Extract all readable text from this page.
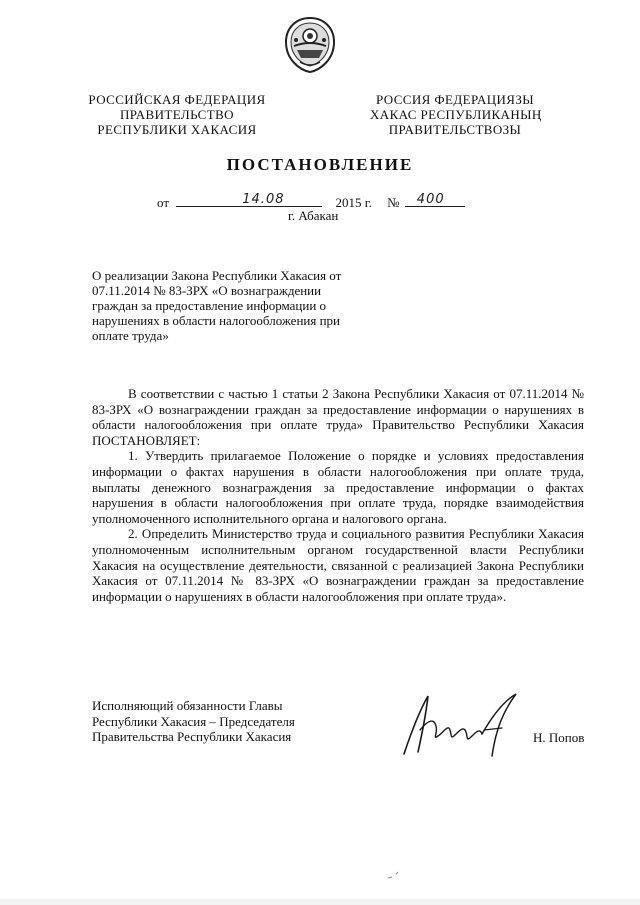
РОССИЙСКАЯ ФЕДЕРАЦИЯ
ПРАВИТЕЛЬСТВО
РЕСПУБЛИКИ ХАКАСИЯ
РОССИЯ ФЕДЕРАЦИЯЗЫ
ХАКАС РЕСПУБЛИКАНЫҢ
ПРАВИТЕЛЬСТВОЗЫ
ПОСТАНОВЛЕНИЕ
от	14.08	2015 г. № 400
г. Абакан
О реализации Закона Республики Хакасия от
07.11.2014 № 83-ЗРХ «О вознаграждении
граждан за предоставление информации о
нарушениях в области налогообложения при
оплате труда»

В соответствии с частью 1 статьи 2 Закона Республики Хакасия от 07.11.2014 № 83-ЗРХ «О вознаграждении граждан за предоставление информации о нарушениях в области налогообложения при оплате труда» Правительство Республики Хакасия ПОСТАНОВЛЯЕТ:

1. Утвердить прилагаемое Положение о порядке и условиях предоставления информации о фактах нарушения в области налогообложения при оплате труда, выплаты денежного вознаграждения за предоставление информации о фактах нарушения в области налогообложения при оплате труда, порядке взаимодействия уполномоченного исполнительного органа и налогового органа.

2. Определить Министерство труда и социального развития Республики Хакасия уполномоченным исполнительным органом государственной власти Республики Хакасия на осуществление деятельности, связанной с реализацией Закона Республики Хакасия от 07.11.2014 № 83-ЗРХ «О вознаграждении граждан за предоставление информации о нарушениях в области налогообложения при оплате труда».

Исполняющий обязанности Главы
Республики Хакасия – Председателя
Правительства Республики Хакасия	Н. Попов
